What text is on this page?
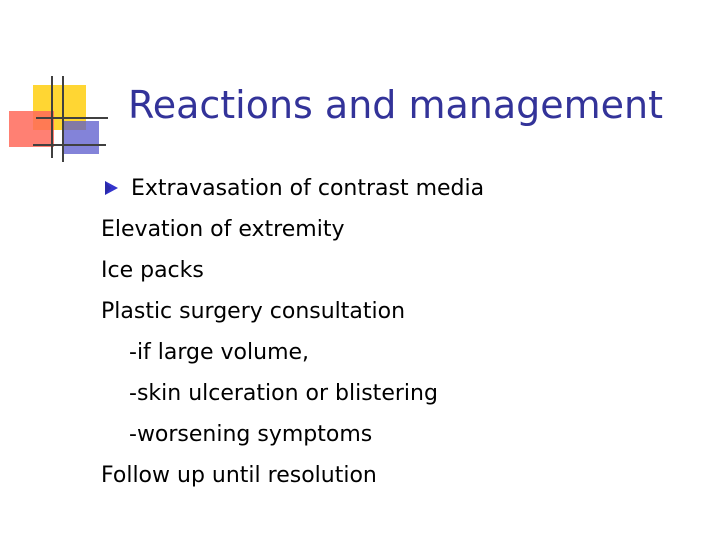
Reactions and management
Extravasation of contrast media
Elevation of extremity
Ice packs
Plastic surgery consultation
-if large volume,
-skin ulceration or blistering
-worsening symptoms
Follow up until resolution
